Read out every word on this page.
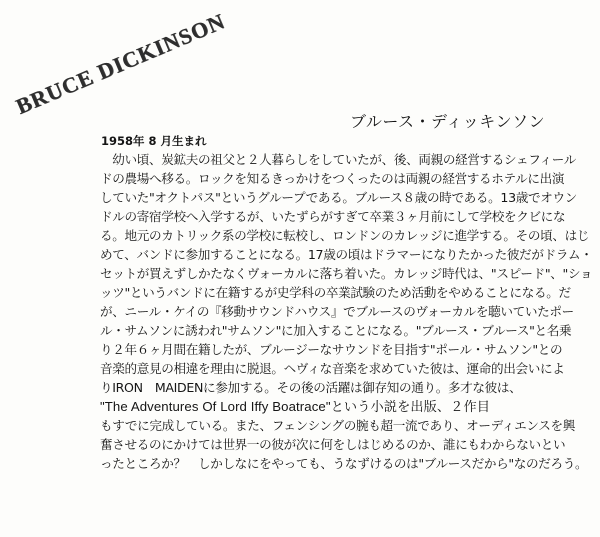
BRUCE DICKINSON
ブルース・ディッキンソン
1958年 8 月生まれ
　幼い頃、炭鉱夫の祖父と２人暮らしをしていたが、後、両親の経営するシェフィール
ドの農場へ移る。ロックを知るきっかけをつくったのは両親の経営するホテルに出演
していた"オクトパス"というグループである。ブルース８歳の時である。13歳でオウン
ドルの寄宿学校へ入学するが、いたずらがすぎて卒業３ヶ月前にして学校をクビにな
る。地元のカトリック系の学校に転校し、ロンドンのカレッジに進学する。その頃、はじ
めて、バンドに参加することになる。17歳の頃はドラマーになりたかった彼だがドラム・
セットが買えずしかたなくヴォーカルに落ち着いた。カレッジ時代は、"スピード"、"ショ
ッツ"というバンドに在籍するが史学科の卒業試験のため活動をやめることになる。だ
が、ニール・ケイの『移動サウンドハウス』でブルースのヴォーカルを聴いていたポー
ル・サムソンに誘われ"サムソン"に加入することになる。"ブルース・ブルース"と名乗
り２年６ヶ月間在籍したが、ブルージーなサウンドを目指す"ポール・サムソン"との
音楽的意見の相違を理由に脱退。ヘヴィな音楽を求めていた彼は、運命的出会いによ
りIRON　MAIDENに参加する。その後の活躍は御存知の通り。多才な彼は、
"The Adventures Of Lord Iffy Boatrace"という小説を出版、２作目
もすでに完成している。また、フェンシングの腕も超一流であり、オーディエンスを興
奮させるのにかけては世界一の彼が次に何をしはじめるのか、誰にもわからないとい
ったところか？　しかしなにをやっても、うなずけるのは"ブルースだから"なのだろう。
